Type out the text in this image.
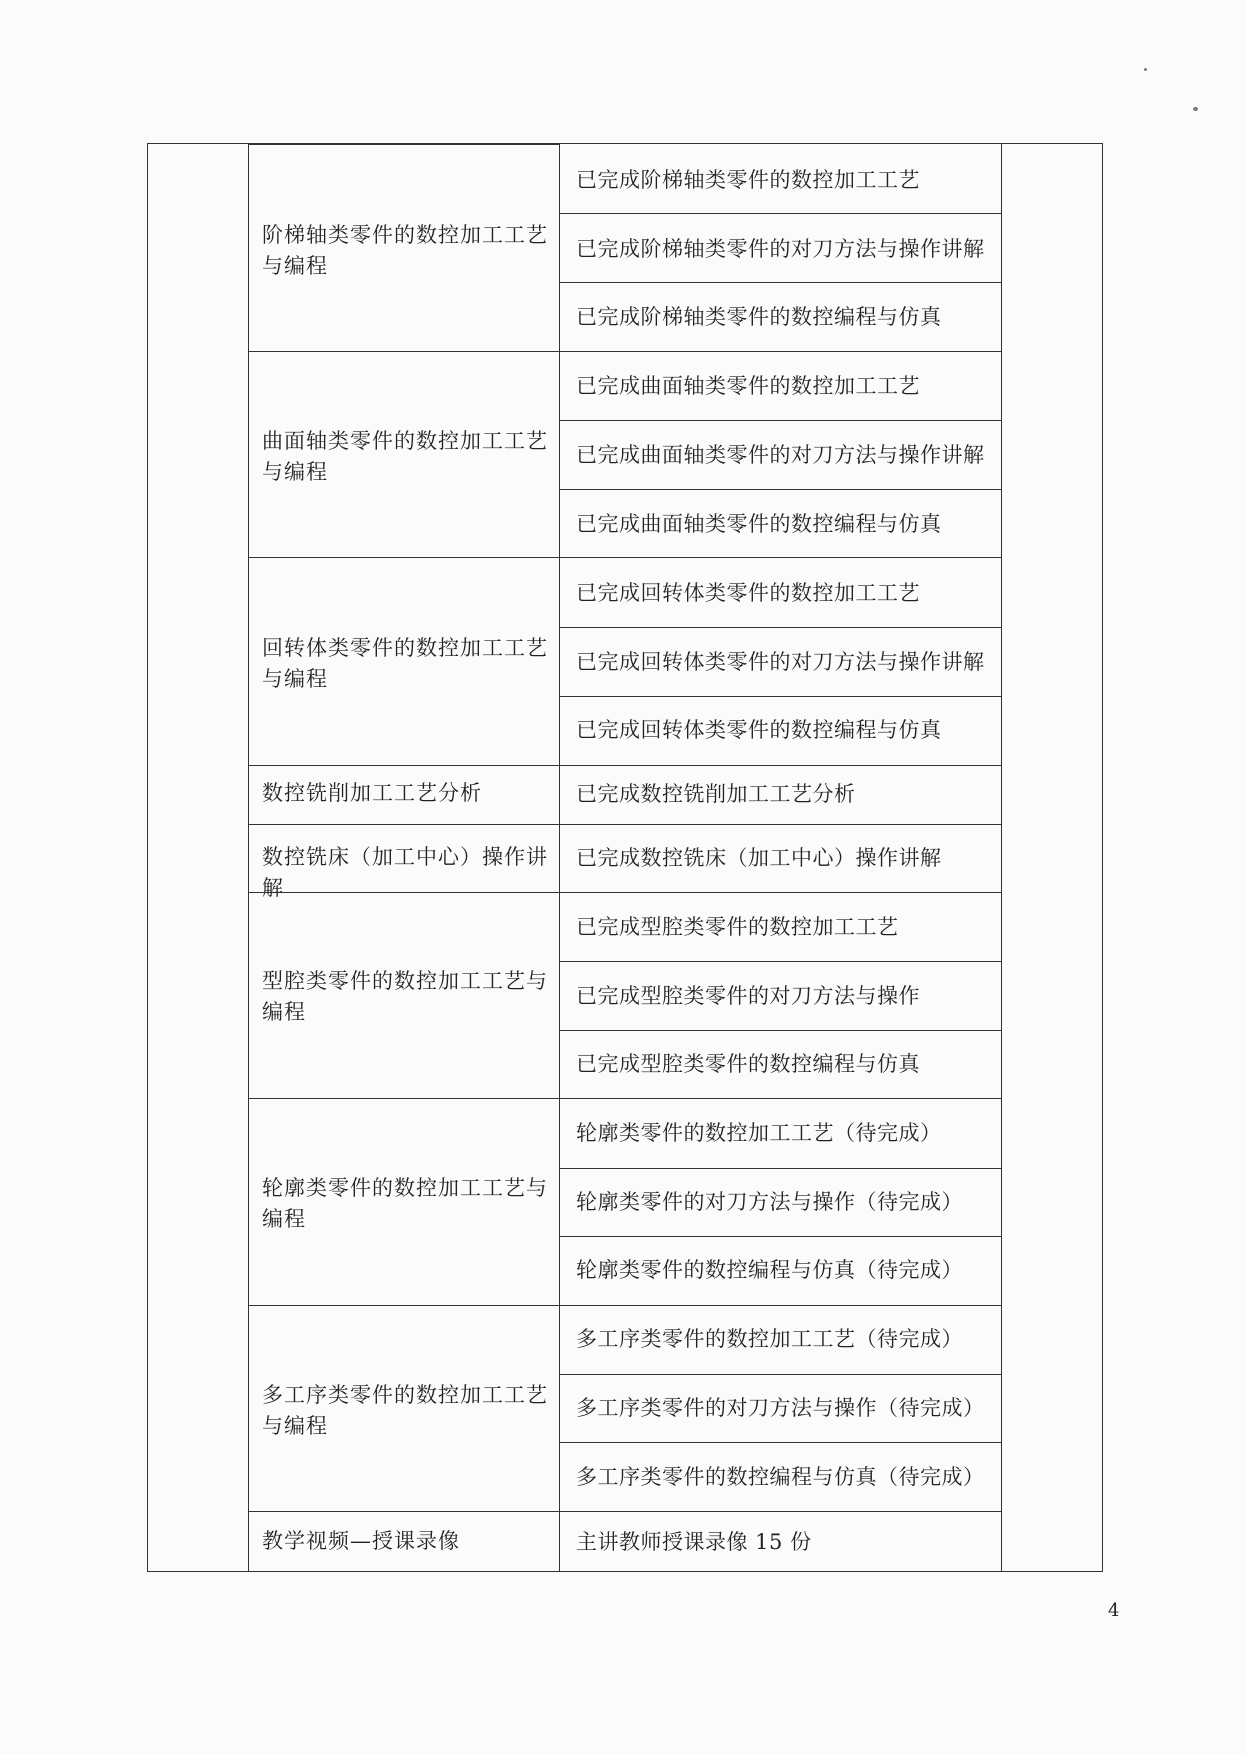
阶梯轴类零件的数控加工工艺与编程
已完成阶梯轴类零件的数控加工工艺
已完成阶梯轴类零件的对刀方法与操作讲解
已完成阶梯轴类零件的数控编程与仿真
曲面轴类零件的数控加工工艺与编程
已完成曲面轴类零件的数控加工工艺
已完成曲面轴类零件的对刀方法与操作讲解
已完成曲面轴类零件的数控编程与仿真
回转体类零件的数控加工工艺与编程
已完成回转体类零件的数控加工工艺
已完成回转体类零件的对刀方法与操作讲解
已完成回转体类零件的数控编程与仿真
数控铣削加工工艺分析	已完成数控铣削加工工艺分析
数控铣床（加工中心）操作讲解
已完成数控铣床（加工中心）操作讲解
型腔类零件的数控加工工艺与编程
已完成型腔类零件的数控加工工艺
已完成型腔类零件的对刀方法与操作
已完成型腔类零件的数控编程与仿真
轮廓类零件的数控加工工艺与编程
轮廓类零件的数控加工工艺（待完成）
轮廓类零件的对刀方法与操作（待完成）
轮廓类零件的数控编程与仿真（待完成）
多工序类零件的数控加工工艺与编程
多工序类零件的数控加工工艺（待完成）
多工序类零件的对刀方法与操作（待完成）
多工序类零件的数控编程与仿真（待完成）
教学视频—授课录像	主讲教师授课录像 15 份
4
